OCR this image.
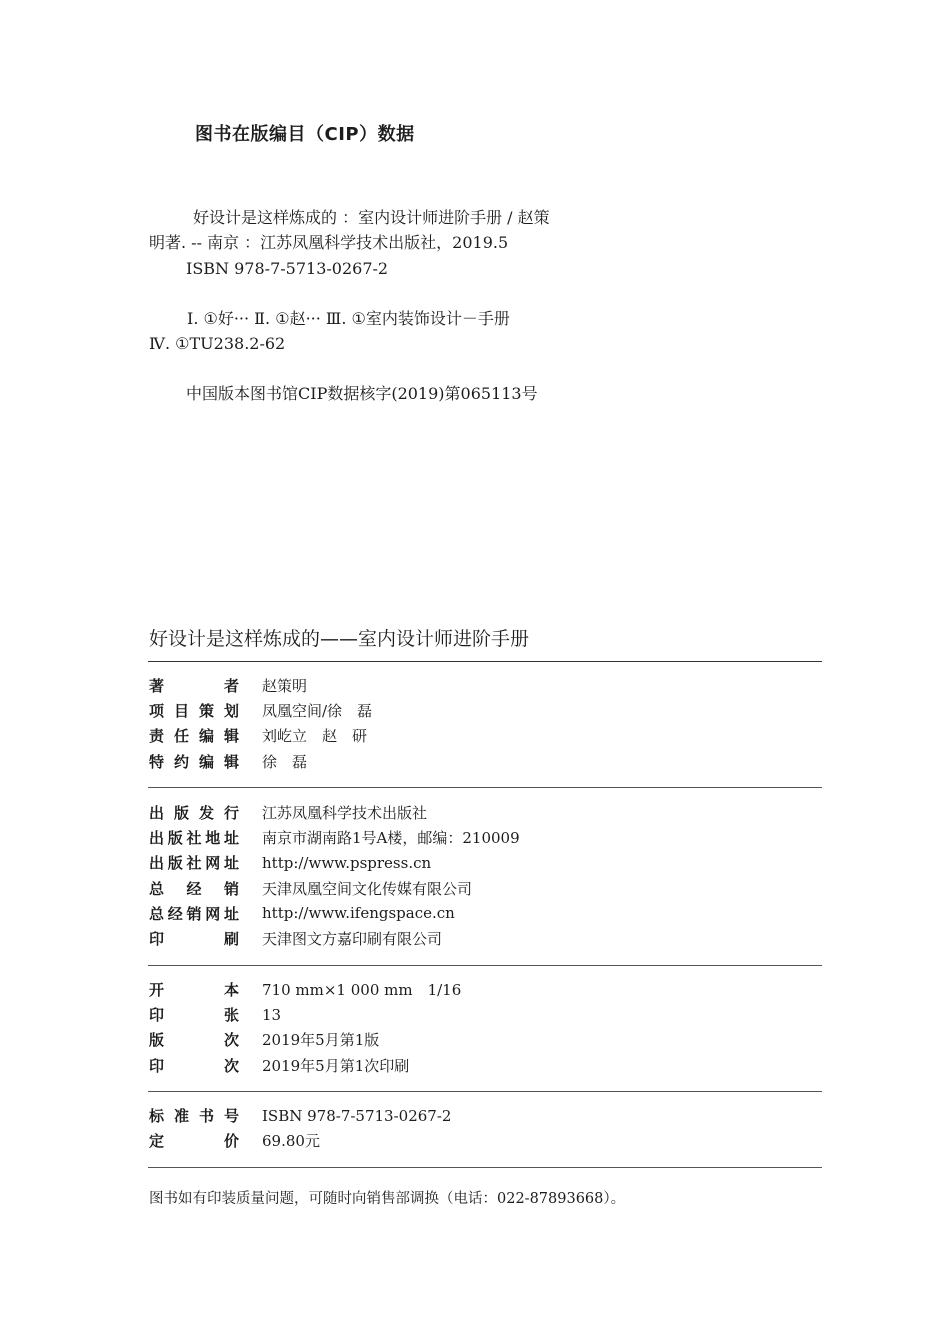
图书在版编目（CIP）数据
好设计是这样炼成的 ：室内设计师进阶手册 / 赵策
明著. -- 南京 ：江苏凤凰科学技术出版社，2019.5
ISBN 978-7-5713-0267-2
Ⅰ. ①好··· Ⅱ. ①赵··· Ⅲ. ①室内装饰设计－手册
Ⅳ. ①TU238.2-62
中国版本图书馆CIP数据核字(2019)第065113号
好设计是这样炼成的——室内设计师进阶手册
著	者 赵策明
项 目 策 划 凤凰空间/徐　磊
责 任 编 辑 刘屹立　赵　研
特 约 编 辑 徐　磊
出 版 发 行 江苏凤凰科学技术出版社
出 版 社 地 址 南京市湖南路1号A楼，邮编：210009
出 版 社 网 址 http://www.pspress.cn
总 经 销 天津凤凰空间文化传媒有限公司
总 经 销 网 址 http://www.ifengspace.cn
印	刷 天津图文方嘉印刷有限公司
开	本 710 mm×1 000 mm　1/16
印	张 13
版	次 2019年5月第1版
印	次 2019年5月第1次印刷
标 准 书 号 ISBN 978-7-5713-0267-2
定	价 69.80元
图书如有印装质量问题，可随时向销售部调换（电话：022-87893668）。
